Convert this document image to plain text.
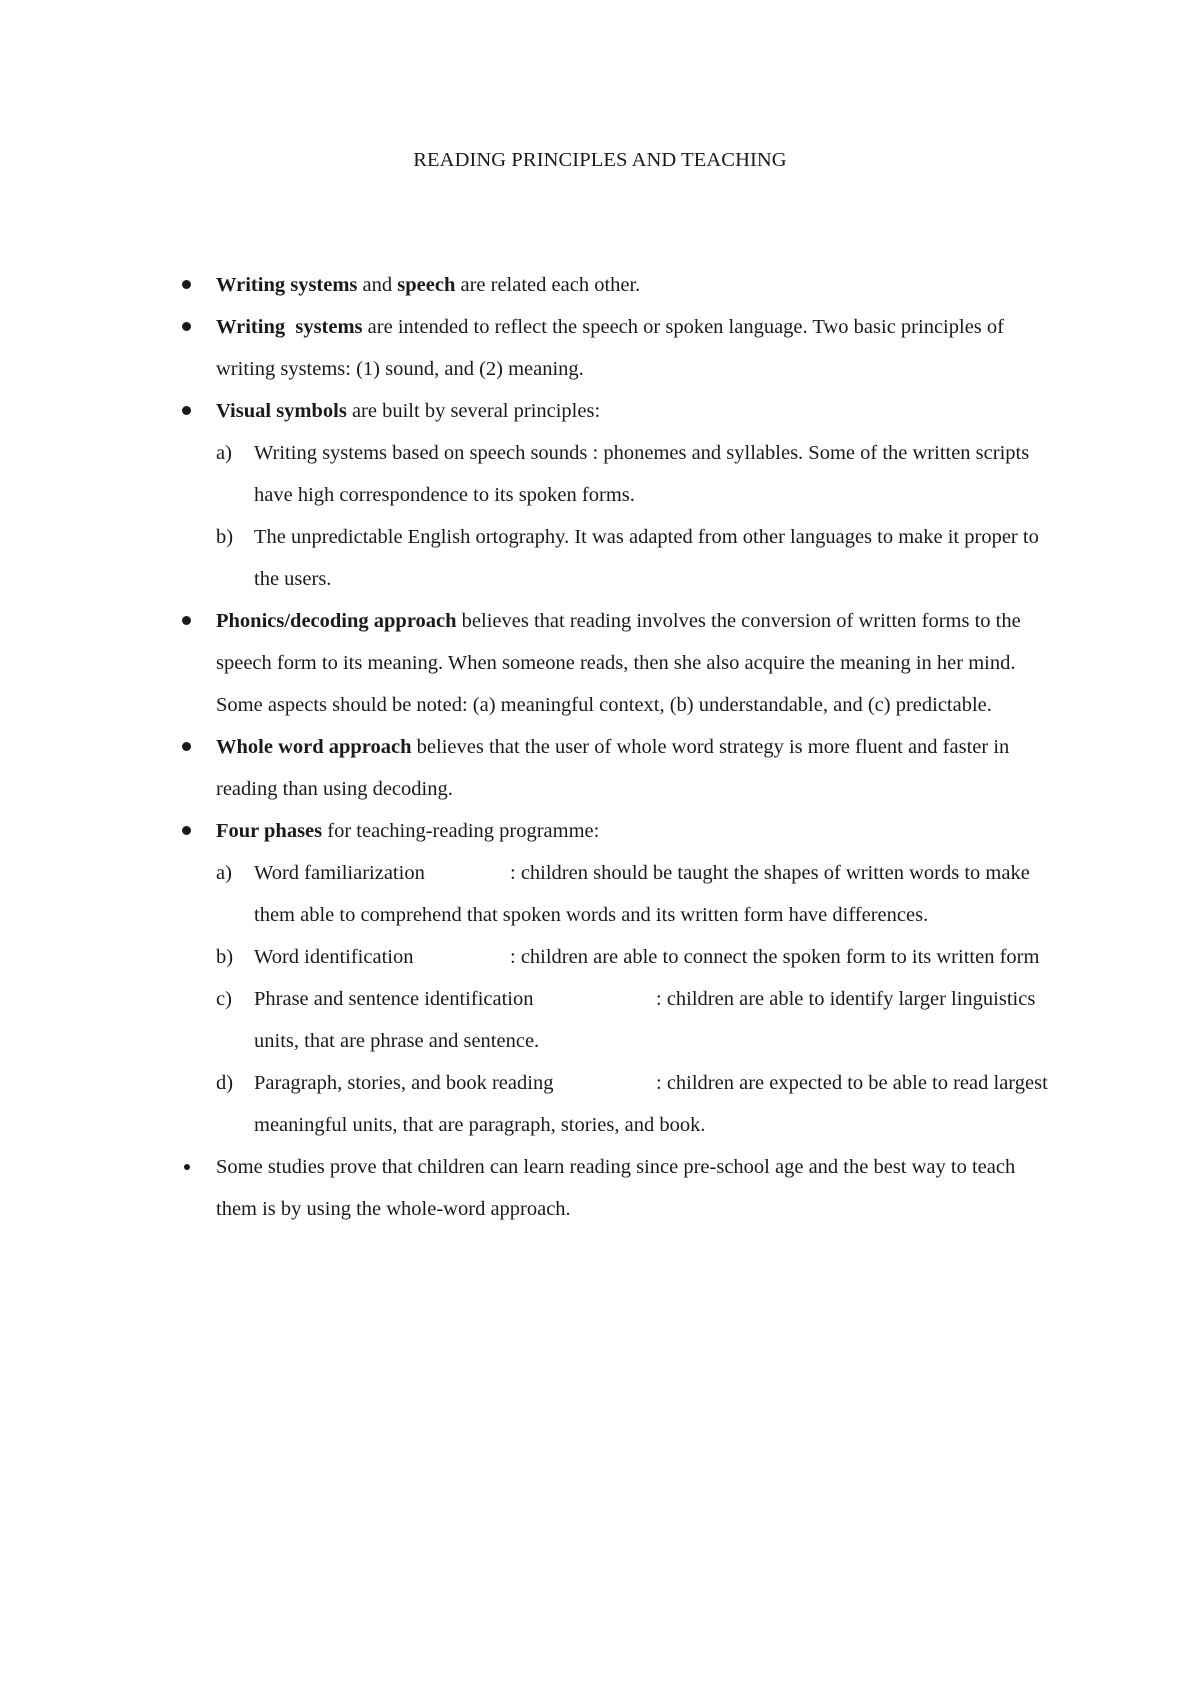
READING PRINCIPLES AND TEACHING

Writing systems and speech are related each other.

Writing  systems are intended to reflect the speech or spoken language. Two basic principles of writing systems: (1) sound, and (2) meaning.

Visual symbols are built by several principles:

a) Writing systems based on speech sounds : phonemes and syllables. Some of the written scripts have high correspondence to its spoken forms.

b) The unpredictable English ortography. It was adapted from other languages to make it proper to the users.

Phonics/decoding approach believes that reading involves the conversion of written forms to the speech form to its meaning. When someone reads, then she also acquire the meaning in her mind. Some aspects should be noted: (a) meaningful context, (b) understandable, and (c) predictable.

Whole word approach believes that the user of whole word strategy is more fluent and faster in reading than using decoding.

Four phases for teaching-reading programme:

a) Word familiarization	: children should be taught the shapes of written words to make them able to comprehend that spoken words and its written form have differences.

b) Word identification	: children are able to connect the spoken form to its written form

c) Phrase and sentence identification	: children are able to identify larger linguistics units, that are phrase and sentence.

d) Paragraph, stories, and book reading	: children are expected to be able to read largest meaningful units, that are paragraph, stories, and book.

Some studies prove that children can learn reading since pre-school age and the best way to teach them is by using the whole-word approach.
